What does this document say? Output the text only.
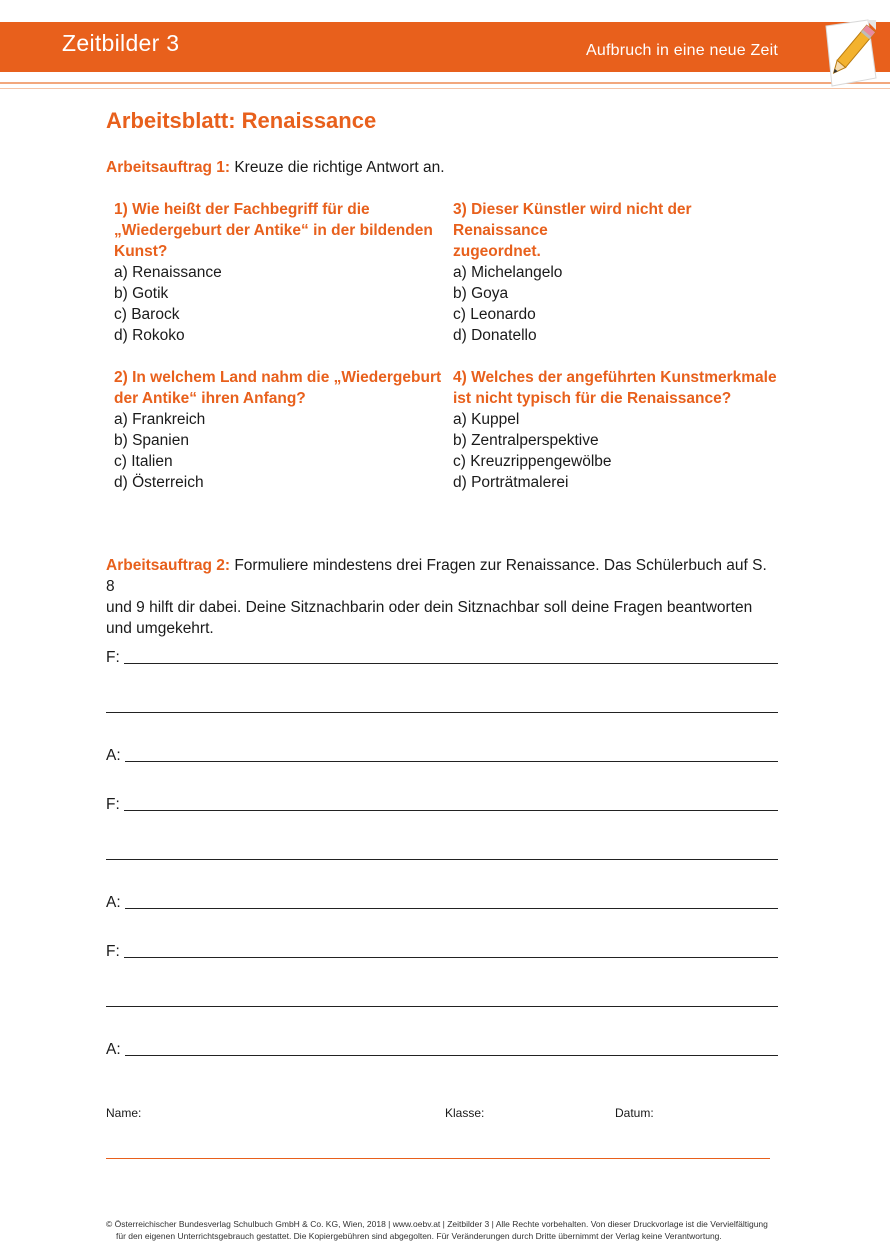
Zeitbilder 3	Aufbruch in eine neue Zeit
Arbeitsblatt: Renaissance
Arbeitsauftrag 1: Kreuze die richtige Antwort an.
1) Wie heißt der Fachbegriff für die
„Wiedergeburt der Antike“ in der bildenden
Kunst?
a) Renaissance
b) Gotik
c) Barock
d) Rokoko
2) In welchem Land nahm die „Wiedergeburt
der Antike“ ihren Anfang?
a) Frankreich
b) Spanien
c) Italien
d) Österreich
3) Dieser Künstler wird nicht der Renaissance
zugeordnet.
a) Michelangelo
b) Goya
c) Leonardo
d) Donatello
4) Welches der angeführten Kunstmerkmale
ist nicht typisch für die Renaissance?
a) Kuppel
b) Zentralperspektive
c) Kreuzrippengewölbe
d) Porträtmalerei
Arbeitsauftrag 2: Formuliere mindestens drei Fragen zur Renaissance. Das Schülerbuch auf S. 8
und 9 hilft dir dabei. Deine Sitznachbarin oder dein Sitznachbar soll deine Fragen beantworten
und umgekehrt.
F:
A:
F:
A:
F:
A:
Name:	Klasse:	Datum:
© Österreichischer Bundesverlag Schulbuch GmbH & Co. KG, Wien, 2018 | www.oebv.at | Zeitbilder 3 | Alle Rechte vorbehalten. Von dieser Druckvorlage ist die Vervielfältigung
für den eigenen Unterrichtsgebrauch gestattet. Die Kopiergebühren sind abgegolten. Für Veränderungen durch Dritte übernimmt der Verlag keine Verantwortung.
